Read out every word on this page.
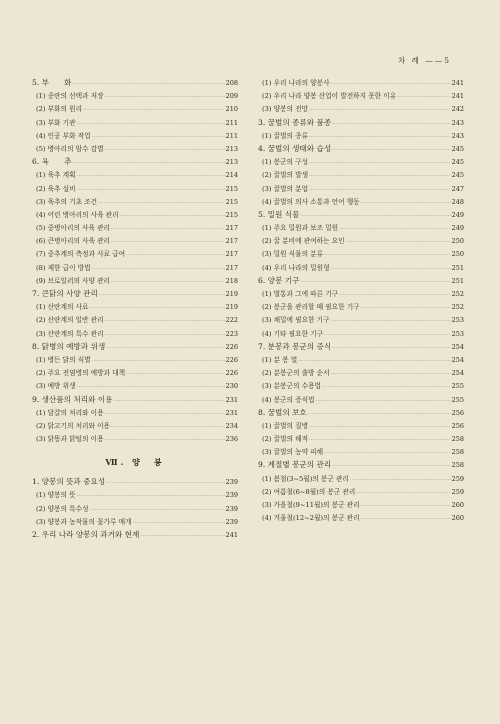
차 례 ——5
5. 부　　화 ·····	208
(1) 종란의 선택과 저장 ·····	209
(2) 부화의 원리 ·····	210
(3) 부화 기관 ·····	211
(4) 인공 부화 작업 ·····	211
(5) 병아리의 암수 감별 ·····	213
6. 육　　추 ·····	213
(1) 육추 계획 ·····	214
(2) 육추 설비 ·····	215
(3) 육추의 기초 조건 ·····	215
(4) 어린 병아리의 사육 관리 ·····	215
(5) 중병아리의 사육 관리 ·····	217
(6) 큰병아리의 사육 관리 ·····	217
(7) 중추계의 측정과 사료 급여 ·····	217
(8) 제한 급이 방법 ·····	217
(9) 브로일러의 사양 관리 ·····	218
7. 큰닭의 사양 관리 ·····	219
(1) 산란계의 사료 ·····	219
(2) 산란계의 일반 관리 ·····	222
(3) 산란계의 특수 관리 ·····	223
8. 닭병의 예방과 위생 ·····	226
(1) 병든 닭의 식별 ·····	226
(2) 주요 전염병의 예방과 대책 ·····	226
(3) 예방 위생 ·····	230
9. 생산품의 처리와 이용 ·····	231
(1) 달걀의 처리와 이용 ·····	231
(2) 닭고기의 처리와 이용 ·····	234
(3) 닭똥과 닭털의 이용 ·····	236
Ⅶ. 양　봉
1. 양봉의 뜻과 중요성 ·····	239
(1) 양봉의 뜻 ·····	239
(2) 양봉의 특수성 ·····	239
(3) 양봉과 농작물의 꽃가루 매개 ·····	239
2. 우리 나라 양봉의 과거와 현재 ·····	241
(1) 우리 나라의 양봉사 ·····	241
(2) 우리 나라 양봉 산업이 발전하지 못한 이유 ·····	241
(3) 양봉의 전망 ·····	242
3. 꿀벌의 종류와 품종 ·····	243
(1) 꿀벌의 종류 ·····	243
4. 꿀벌의 생태와 습성 ·····	245
(1) 봉군의 구성 ·····	245
(2) 꿀벌의 발생 ·····	245
(3) 꿀벌의 분업 ·····	247
(4) 꿀벌의 의사 소통과 언어 행동 ·····	248
5. 밀원 식물 ·····	249
(1) 주요 밀원과 보조 밀원 ·····	249
(2) 꿀 분비에 관여하는 요인 ·····	250
(3) 밀원 식물의 분류 ·····	250
(4) 우리 나라의 밀원형 ·····	251
6. 양봉 기구 ·····	251
(1) 벌통과 그에 따른 기구 ·····	252
(2) 봉군을 관리할 때 필요한 기구 ·····	252
(3) 채밀에 필요한 기구 ·····	253
(4) 기타 필요한 기구 ·····	253
7. 분봉과 봉군의 증식 ·····	254
(1) 분 봉 열 ·····	254
(2) 분봉군의 출방 순서 ·····	254
(3) 분봉군의 수용법 ·····	255
(4) 봉군의 증식법 ·····	255
8. 꿀벌의 보호 ·····	256
(1) 꿀벌의 질병 ·····	256
(2) 꿀벌의 해적 ·····	258
(3) 꿀벌의 농약 피해 ·····	258
9. 계절별 봉군의 관리 ·····	258
(1) 봄철(3~5월)의 봉군 관리 ·····	259
(2) 여름철(6~8월)의 봉군 관리 ·····	259
(3) 가을철(9~11월)의 봉군 관리 ·····	260
(4) 겨울철(12~2월)의 봉군 관리 ·····	260
